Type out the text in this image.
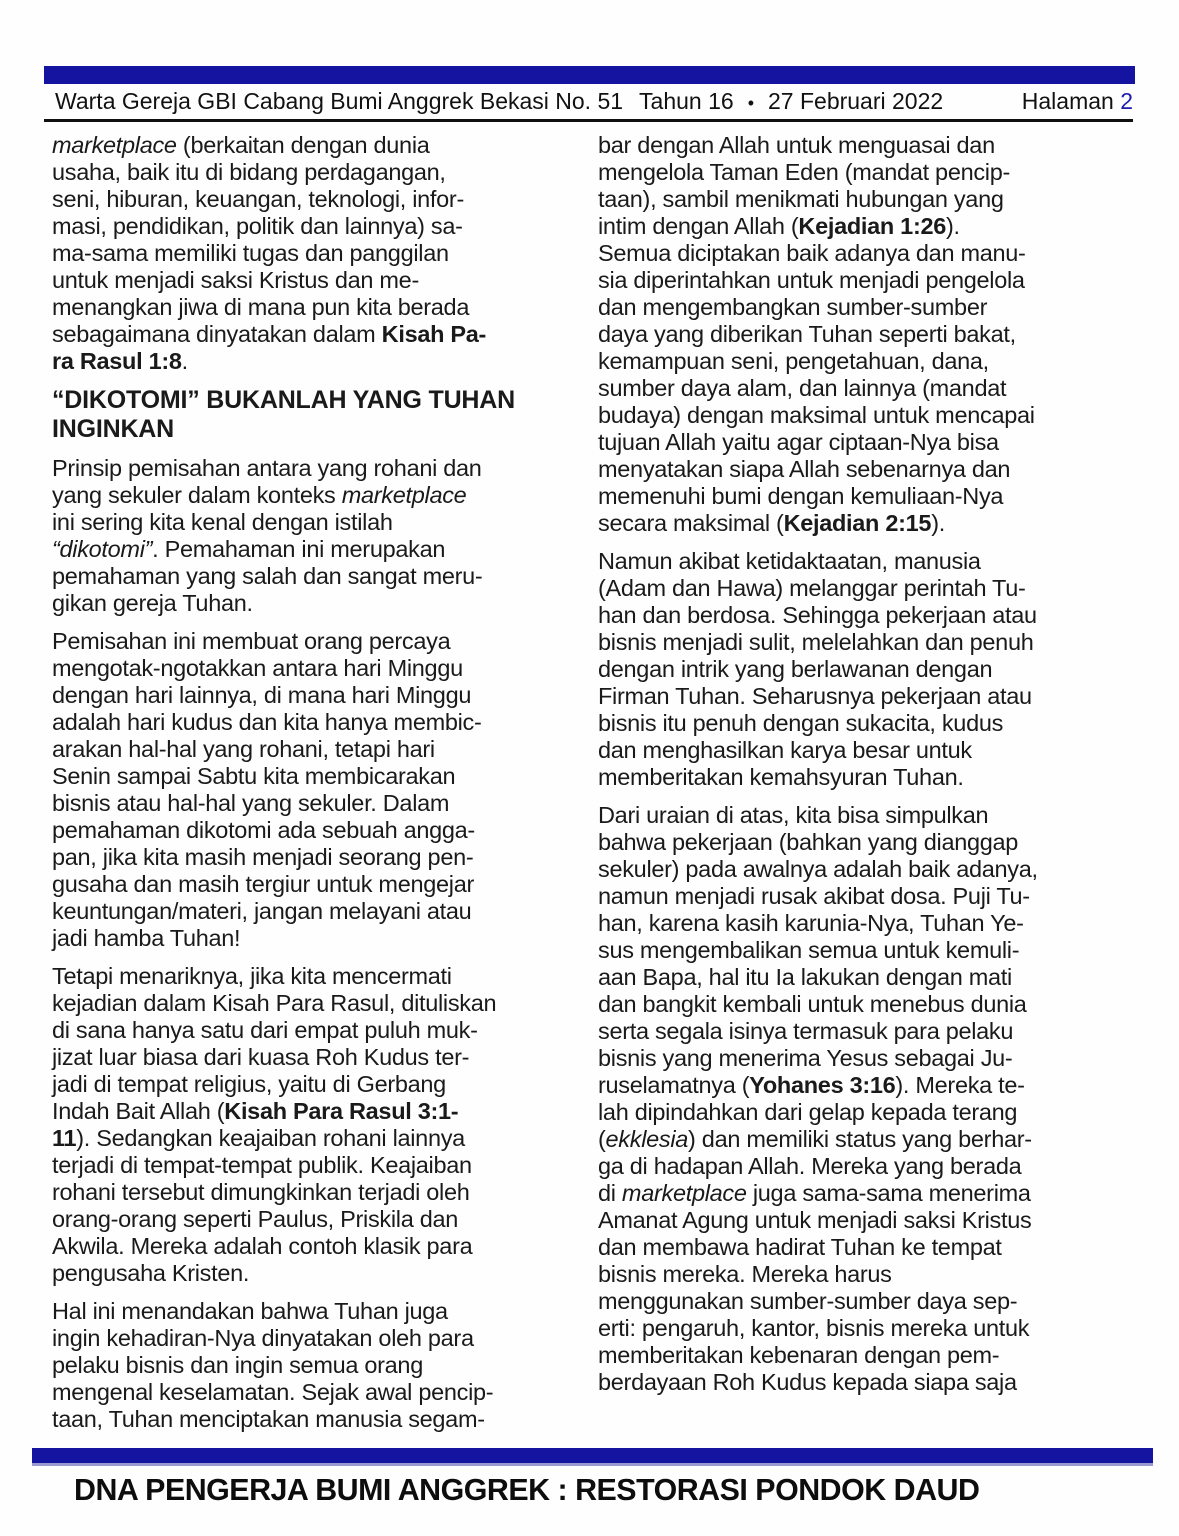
Warta Gereja GBI Cabang Bumi Anggrek Bekasi No. 51 Tahun 16 • 27 Februari 2022	Halaman 2
marketplace (berkaitan dengan dunia
usaha, baik itu di bidang perdagangan,
seni, hiburan, keuangan, teknologi, infor-
masi, pendidikan, politik dan lainnya) sa-
ma-sama memiliki tugas dan panggilan
untuk menjadi saksi Kristus dan me-
menangkan jiwa di mana pun kita berada
sebagaimana dinyatakan dalam Kisah Pa-
ra Rasul 1:8.
“DIKOTOMI” BUKANLAH YANG TUHAN
INGINKAN
Prinsip pemisahan antara yang rohani dan
yang sekuler dalam konteks marketplace
ini sering kita kenal dengan istilah
“dikotomi”. Pemahaman ini merupakan
pemahaman yang salah dan sangat meru-
gikan gereja Tuhan.
Pemisahan ini membuat orang percaya
mengotak-ngotakkan antara hari Minggu
dengan hari lainnya, di mana hari Minggu
adalah hari kudus dan kita hanya membic-
arakan hal-hal yang rohani, tetapi hari
Senin sampai Sabtu kita membicarakan
bisnis atau hal-hal yang sekuler. Dalam
pemahaman dikotomi ada sebuah angga-
pan, jika kita masih menjadi seorang pen-
gusaha dan masih tergiur untuk mengejar
keuntungan/materi, jangan melayani atau
jadi hamba Tuhan!
Tetapi menariknya, jika kita mencermati
kejadian dalam Kisah Para Rasul, dituliskan
di sana hanya satu dari empat puluh muk-
jizat luar biasa dari kuasa Roh Kudus ter-
jadi di tempat religius, yaitu di Gerbang
Indah Bait Allah (Kisah Para Rasul 3:1-
11). Sedangkan keajaiban rohani lainnya
terjadi di tempat-tempat publik. Keajaiban
rohani tersebut dimungkinkan terjadi oleh
orang-orang seperti Paulus, Priskila dan
Akwila. Mereka adalah contoh klasik para
pengusaha Kristen.
Hal ini menandakan bahwa Tuhan juga
ingin kehadiran-Nya dinyatakan oleh para
pelaku bisnis dan ingin semua orang
mengenal keselamatan. Sejak awal pencip-
taan, Tuhan menciptakan manusia segam-
bar dengan Allah untuk menguasai dan
mengelola Taman Eden (mandat pencip-
taan), sambil menikmati hubungan yang
intim dengan Allah (Kejadian 1:26).
Semua diciptakan baik adanya dan manu-
sia diperintahkan untuk menjadi pengelola
dan mengembangkan sumber-sumber
daya yang diberikan Tuhan seperti bakat,
kemampuan seni, pengetahuan, dana,
sumber daya alam, dan lainnya (mandat
budaya) dengan maksimal untuk mencapai
tujuan Allah yaitu agar ciptaan-Nya bisa
menyatakan siapa Allah sebenarnya dan
memenuhi bumi dengan kemuliaan-Nya
secara maksimal (Kejadian 2:15).
Namun akibat ketidaktaatan, manusia
(Adam dan Hawa) melanggar perintah Tu-
han dan berdosa. Sehingga pekerjaan atau
bisnis menjadi sulit, melelahkan dan penuh
dengan intrik yang berlawanan dengan
Firman Tuhan. Seharusnya pekerjaan atau
bisnis itu penuh dengan sukacita, kudus
dan menghasilkan karya besar untuk
memberitakan kemahsyuran Tuhan.
Dari uraian di atas, kita bisa simpulkan
bahwa pekerjaan (bahkan yang dianggap
sekuler) pada awalnya adalah baik adanya,
namun menjadi rusak akibat dosa. Puji Tu-
han, karena kasih karunia-Nya, Tuhan Ye-
sus mengembalikan semua untuk kemuli-
aan Bapa, hal itu Ia lakukan dengan mati
dan bangkit kembali untuk menebus dunia
serta segala isinya termasuk para pelaku
bisnis yang menerima Yesus sebagai Ju-
ruselamatnya (Yohanes 3:16). Mereka te-
lah dipindahkan dari gelap kepada terang
(ekklesia) dan memiliki status yang berhar-
ga di hadapan Allah. Mereka yang berada
di marketplace juga sama-sama menerima
Amanat Agung untuk menjadi saksi Kristus
dan membawa hadirat Tuhan ke tempat
bisnis mereka. Mereka harus
menggunakan sumber-sumber daya sep-
erti: pengaruh, kantor, bisnis mereka untuk
memberitakan kebenaran dengan pem-
berdayaan Roh Kudus kepada siapa saja
DNA PENGERJA BUMI ANGGREK : RESTORASI PONDOK DAUD
